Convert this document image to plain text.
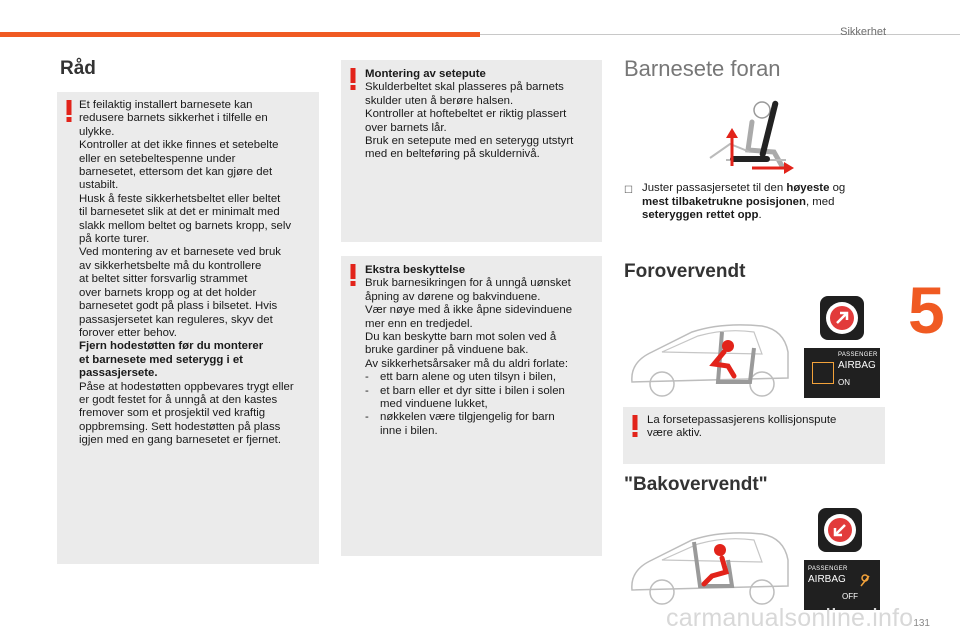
Sikkerhet
5
Råd

Et feilaktig installert barnesete kan
redusere barnets sikkerhet i tilfelle en
ulykke.
Kontroller at det ikke finnes et setebelte
eller en setebeltespenne under
barnesetet, ettersom det kan gjøre det
ustabilt.
Husk å feste sikkerhetsbeltet eller beltet
til barnesetet slik at det er minimalt med
slakk mellom beltet og barnets kropp, selv
på korte turer.
Ved montering av et barnesete ved bruk
av sikkerhetsbelte må du kontrollere
at beltet sitter forsvarlig strammet
over barnets kropp og at det holder
barnesetet godt på plass i bilsetet. Hvis
passasjersetet kan reguleres, skyv det
forover etter behov.

Fjern hodestøtten før du monterer
et barnesete med seterygg i et
passasjersete.

Påse at hodestøtten oppbevares trygt eller
er godt festet for å unngå at den kastes
fremover som et prosjektil ved kraftig
oppbremsing. Sett hodestøtten på plass
igjen med en gang barnesetet er fjernet.

Montering av setepute

Skulderbeltet skal plasseres på barnets
skulder uten å berøre halsen.
Kontroller at hoftebeltet er riktig plassert
over barnets lår.
Bruk en setepute med en seterygg utstyrt
med en belteføring på skuldernivå.

Ekstra beskyttelse

Bruk barnesikringen for å unngå uønsket
åpning av dørene og bakvinduene.
Vær nøye med å ikke åpne sidevinduene
mer enn en tredjedel.
Du kan beskytte barn mot solen ved å
bruke gardiner på vinduene bak.
Av sikkerhetsårsaker må du aldri forlate:

- ett barn alene og uten tilsyn i bilen,

- et barn eller et dyr sitte i bilen i solen
med vinduene lukket,

- nøkkelen være tilgjengelig for barn
inne i bilen.

Barnesete foran
☐ Juster passasjersetet til den høyeste og
mest tilbaketrukne posisjonen, med
seteryggen rettet opp.

Forovervendt
PASSENGER
AIRBAG
ON

La forsetepassasjerens kollisjonspute
være aktiv.

"Bakovervendt"
PASSENGER
AIRBAG
OFF
131
carmanualsonline.info
